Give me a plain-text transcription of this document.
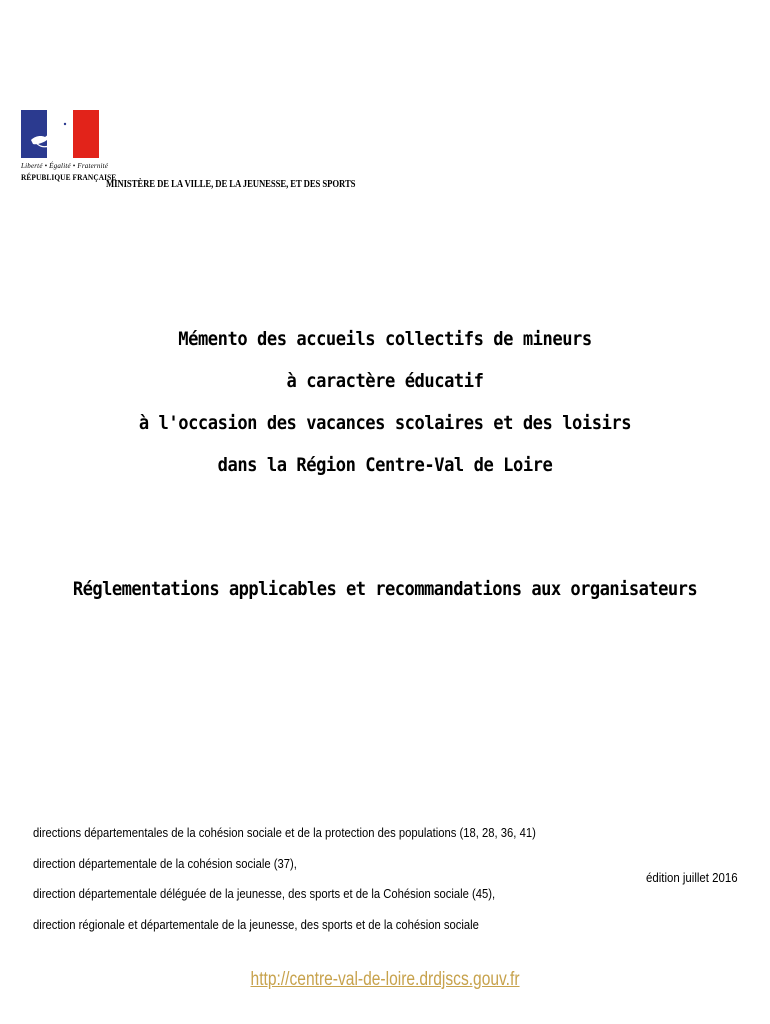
Liberté • Égalité • Fraternité
RÉPUBLIQUE FRANÇAISE
MINISTÈRE DE LA VILLE, DE LA JEUNESSE, ET DES SPORTS
Mémento des accueils collectifs de mineurs
à caractère éducatif
à l'occasion des vacances scolaires et des loisirs
dans la Région Centre-Val de Loire
Réglementations applicables et recommandations aux organisateurs
directions départementales de la cohésion sociale et de la protection des populations (18, 28, 36, 41)
direction départementale de la cohésion sociale (37),
direction départementale déléguée de la jeunesse, des sports et de la Cohésion sociale (45),
direction régionale et départementale de la jeunesse, des sports et de la cohésion sociale
édition juillet 2016
http://centre-val-de-loire.drdjscs.gouv.fr
